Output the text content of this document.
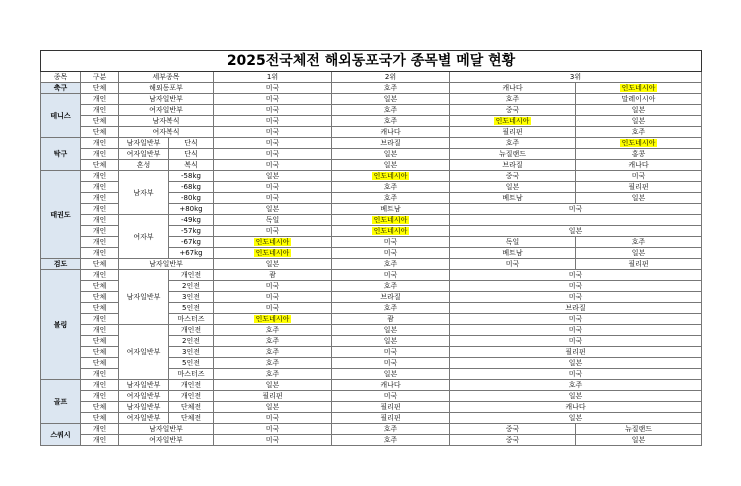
2025전국체전 해외동포국가 종목별 메달 현황							
종목	구분	세부종목		1위	2위	3위	
축구	단체	해외동포부		미국	호주	캐나다	인도네시아
테니스	개인	남자일반부		미국	일본	호주	말레이시아
	개인	여자일반부		미국	호주	중국	일본
	단체	남자복식		미국	호주	인도네시아	일본
	단체	여자복식		미국	캐나다	필리핀	호주
탁구	개인	남자일반부	단식	미국	브라질	호주	인도네시아
	개인	여자일반부	단식	미국	일본	뉴질랜드	홍콩
	단체	혼성	복식	미국	일본	브라질	캐나다
태권도	개인	남자부	-58kg	일본	인도네시아	중국	미국
	개인		-68kg	미국	호주	일본	필리핀
	개인		-80kg	미국	호주	베트남	일본
	개인		+80kg	일본	베트남	미국	
	개인	여자부	-49kg	독일	인도네시아		
	개인		-57kg	미국	인도네시아	일본	
	개인		-67kg	인도네시아	미국	독일	호주
	개인		+67kg	인도네시아	미국	베트남	일본
검도	단체	남자일반부		일본	호주	미국	필리핀
볼링	개인	남자일반부	개인전	괌	미국	미국	
	단체		2인전	미국	호주	미국	
	단체		3인전	미국	브라질	미국	
	단체		5인전	미국	호주	브라질	
	개인		마스터즈	인도네시아	괌	미국	
	개인	여자일반부	개인전	호주	일본	미국	
	단체		2인전	호주	일본	미국	
	단체		3인전	호주	미국	필리핀	
	단체		5인전	호주	미국	일본	
	개인		마스터즈	호주	일본	미국	
골프	개인	남자일반부	개인전	일본	캐나다	호주	
	개인	여자일반부	개인전	필리핀	미국	일본	
	단체	남자일반부	단체전	일본	필리핀	캐나다	
	단체	여자일반부	단체전	미국	필리핀	일본	
스쿼시	개인	남자일반부		미국	호주	중국	뉴질랜드
	개인	여자일반부		미국	호주	중국	일본
